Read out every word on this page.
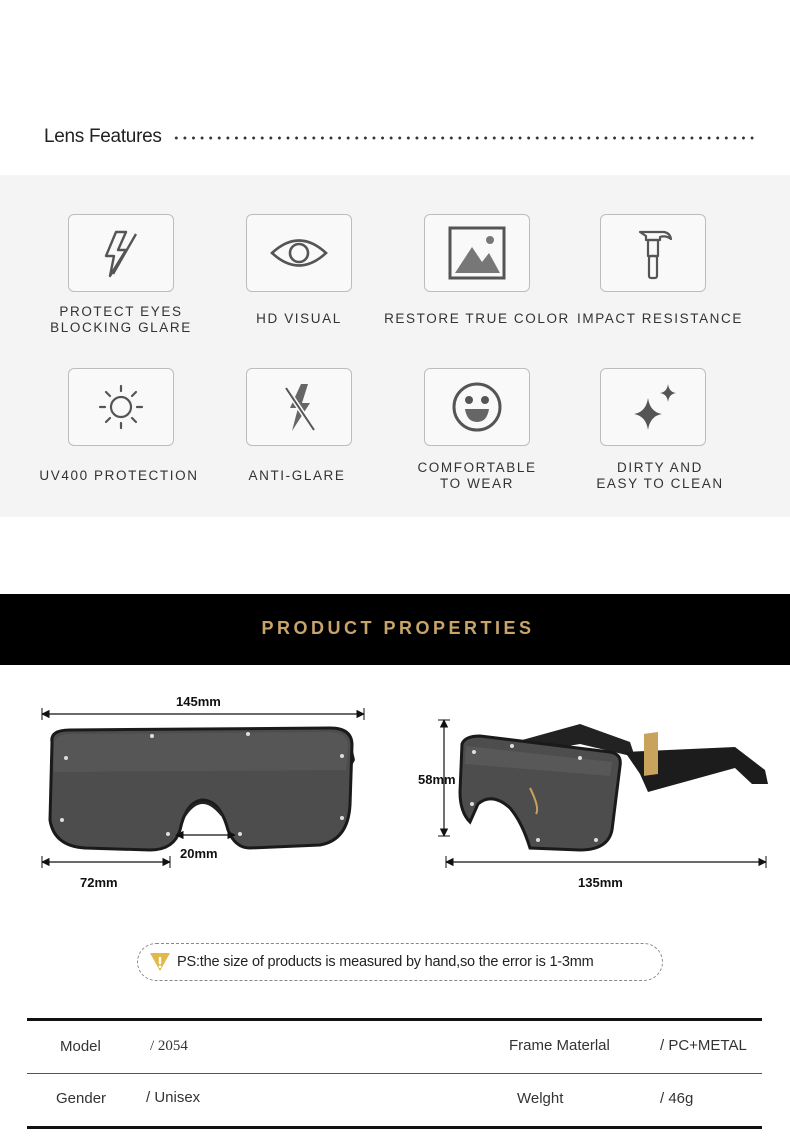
Lens Features
PROTECT EYES
BLOCKING GLARE
HD VISUAL	RESTORE TRUE COLOR IMPACT RESISTANCE
UV400 PROTECTION	ANTI-GLARE
COMFORTABLE
TO WEAR
DIRTY AND
EASY TO CLEAN
PRODUCT PROPERTIES
145mm
20mm
72mm
58mm
135mm
PS:the size of products is measured by hand,so the error is 1-3mm
Model	/ 2054	Frame Materlal	/ PC+METAL
Gender	/ Unisex	Welght	/ 46g
